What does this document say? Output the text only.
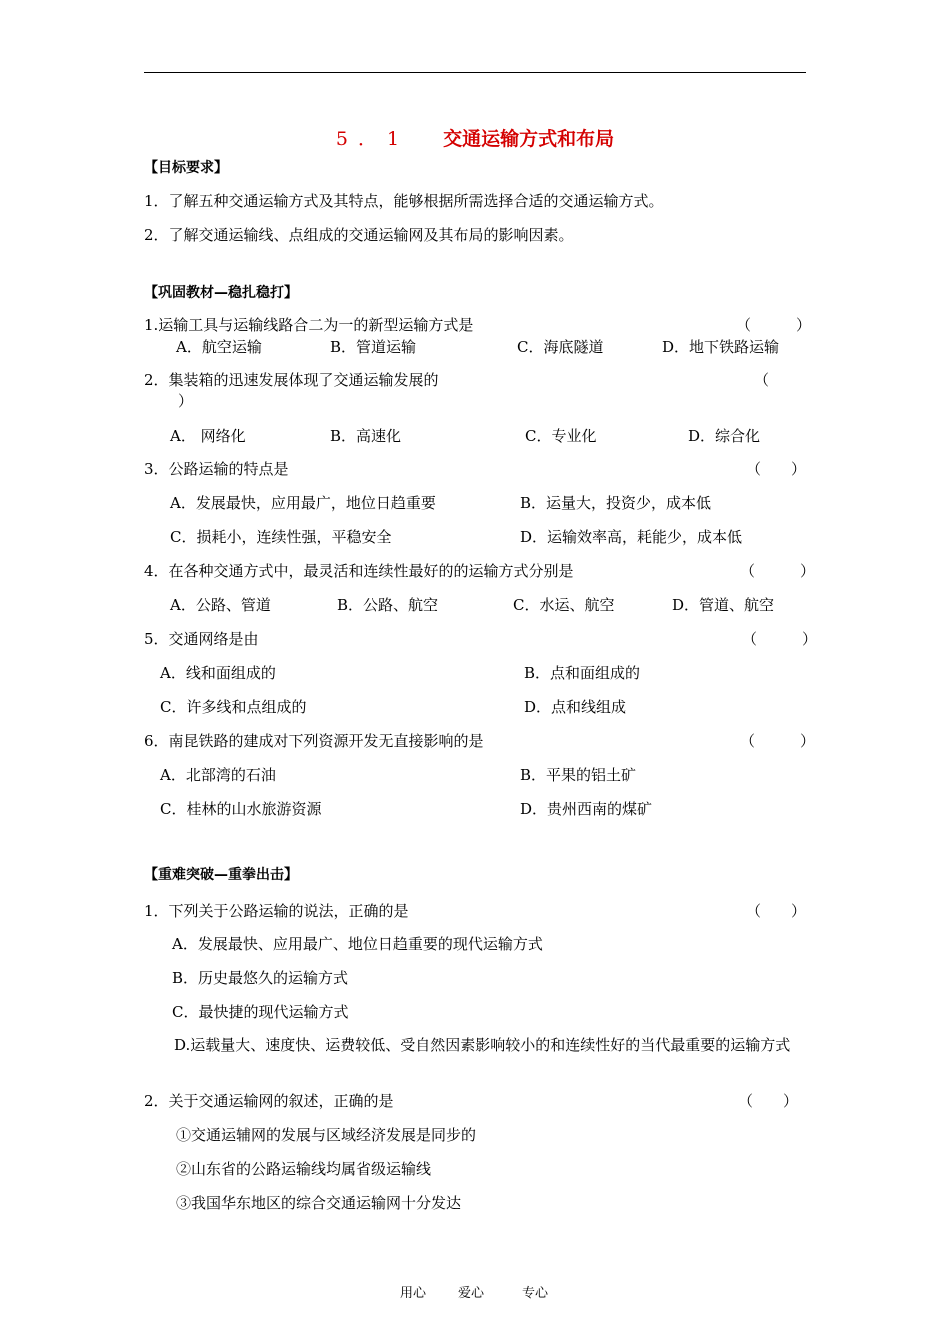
5．1 交通运输方式和布局
【目标要求】
1．了解五种交通运输方式及其特点，能够根据所需选择合适的交通运输方式。
2．了解交通运输线、点组成的交通运输网及其布局的影响因素。
【巩固教材—稳扎稳打】
1.运输工具与运输线路合二为一的新型运输方式是	（　　　）
A．航空运输	B．管道运输	C．海底隧道	D．地下铁路运输
2．集装箱的迅速发展体现了交通运输发展的	（
）
A． 网络化	B．高速化	C．专业化	D．综合化
3．公路运输的特点是	（　　）
A．发展最快，应用最广，地位日趋重要	B．运量大，投资少，成本低
C．损耗小，连续性强，平稳安全	D．运输效率高，耗能少，成本低
4．在各种交通方式中，最灵活和连续性最好的的运输方式分别是	（　　　）
A．公路、管道	B．公路、航空	C．水运、航空	D．管道、航空
5．交通网络是由	（　　　）
A．线和面组成的	B．点和面组成的
C．许多线和点组成的	D．点和线组成
6．南昆铁路的建成对下列资源开发无直接影响的是	（　　　）
A．北部湾的石油	B．平果的铝土矿
C．桂林的山水旅游资源	D．贵州西南的煤矿
【重难突破—重拳出击】
1．下列关于公路运输的说法，正确的是	（　　）
A．发展最快、应用最广、地位日趋重要的现代运输方式
B．历史最悠久的运输方式
C．最快捷的现代运输方式
D.运载量大、速度快、运费较低、受自然因素影响较小的和连续性好的当代最重要的运输方式
2．关于交通运输网的叙述，正确的是	（　　）
①交通运辅网的发展与区域经济发展是同步的
②山东省的公路运输线均属省级运输线
③我国华东地区的综合交通运输网十分发达
用心 爱心	专心
